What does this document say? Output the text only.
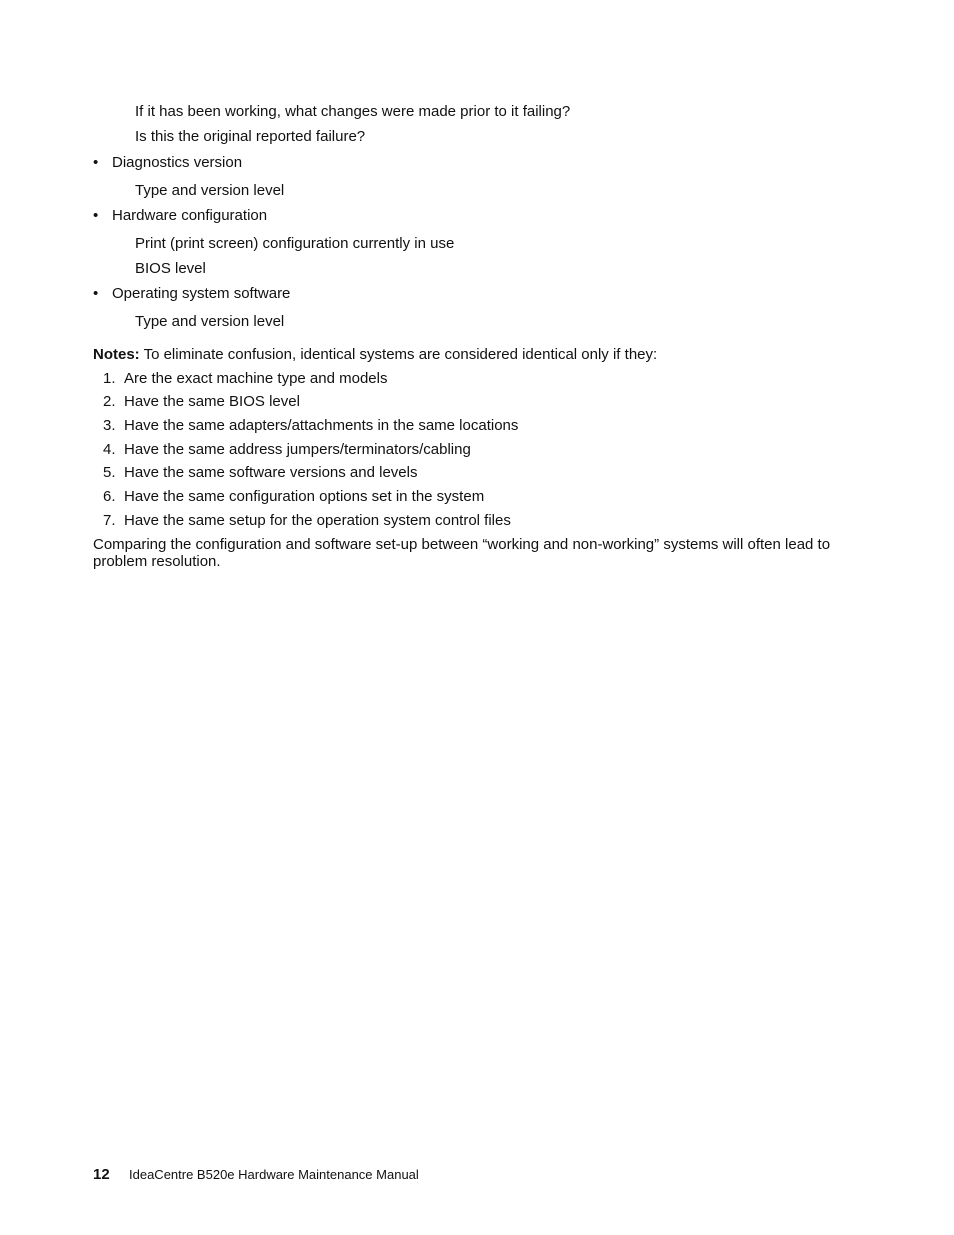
If it has been working, what changes were made prior to it failing?
Is this the original reported failure?
• Diagnostics version
Type and version level
• Hardware configuration
Print (print screen) configuration currently in use
BIOS level
• Operating system software
Type and version level
Notes: To eliminate confusion, identical systems are considered identical only if they:
1. Are the exact machine type and models
2. Have the same BIOS level
3. Have the same adapters/attachments in the same locations
4. Have the same address jumpers/terminators/cabling
5. Have the same software versions and levels
6. Have the same configuration options set in the system
7. Have the same setup for the operation system control files
Comparing the configuration and software set-up between “working and non-working” systems will often lead to problem resolution.
12 IdeaCentre B520e Hardware Maintenance Manual
